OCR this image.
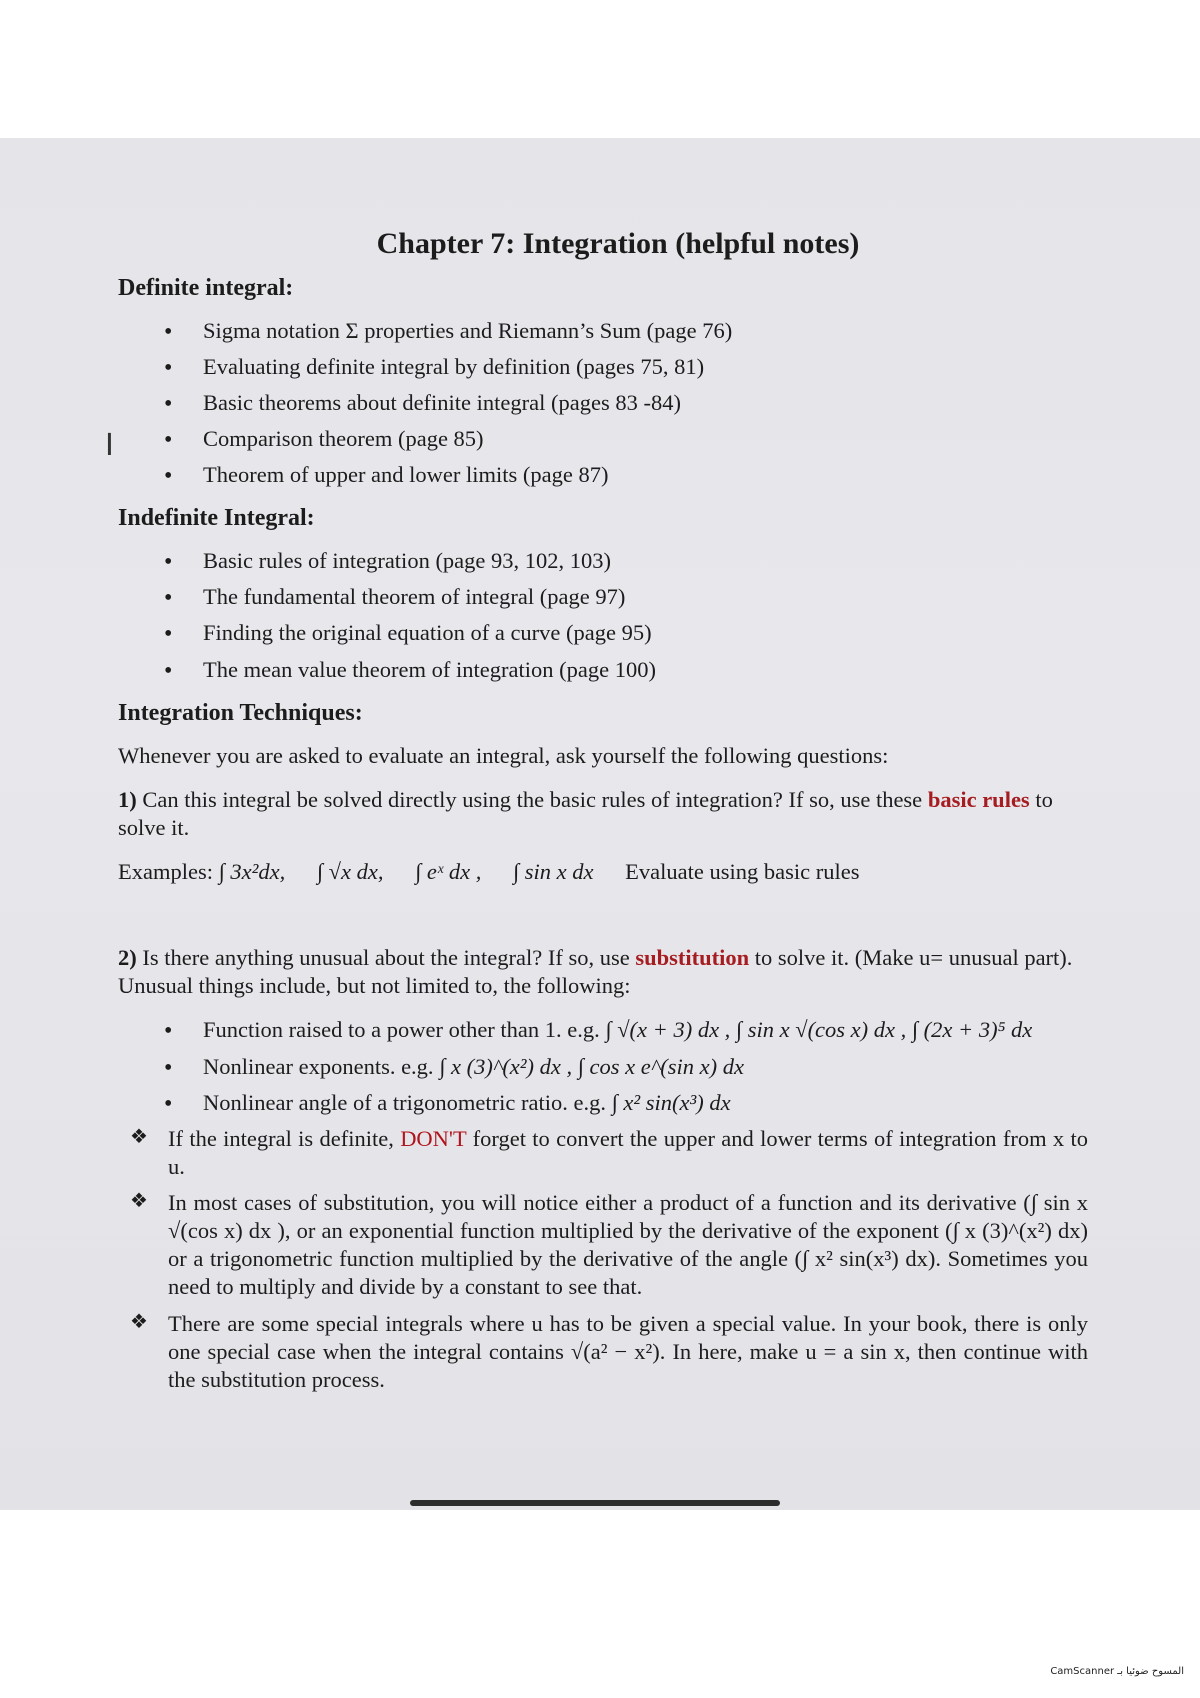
I
Chapter 7: Integration (helpful notes)
Definite integral:
• Sigma notation Σ properties and Riemann’s Sum (page 76)
• Evaluating definite integral by definition (pages 75, 81)
• Basic theorems about definite integral (pages 83 -84)
• Comparison theorem (page 85)
• Theorem of upper and lower limits (page 87)
Indefinite Integral:
• Basic rules of integration (page 93, 102, 103)
• The fundamental theorem of integral (page 97)
• Finding the original equation of a curve (page 95)
• The mean value theorem of integration (page 100)
Integration Techniques:

Whenever you are asked to evaluate an integral, ask yourself the following questions:

1) Can this integral be solved directly using the basic rules of integration? If so, use these basic rules to solve it.

Examples: ∫ 3x²dx, ∫ √x dx, ∫ eˣ dx , ∫ sin x dx Evaluate using basic rules

2) Is there anything unusual about the integral? If so, use substitution to solve it. (Make u= unusual part). Unusual things include, but not limited to, the following:

• Function raised to a power other than 1. e.g. ∫ √(x + 3) dx , ∫ sin x √(cos x) dx , ∫ (2x + 3)⁵ dx
• Nonlinear exponents. e.g. ∫ x (3)^(x²) dx , ∫ cos x e^(sin x) dx
• Nonlinear angle of a trigonometric ratio. e.g. ∫ x² sin(x³) dx
❖ If the integral is definite, DON'T forget to convert the upper and lower terms of integration from x to u.
❖ In most cases of substitution, you will notice either a product of a function and its derivative (∫ sin x √(cos x) dx ), or an exponential function multiplied by the derivative of the exponent (∫ x (3)^(x²) dx) or a trigonometric function multiplied by the derivative of the angle (∫ x² sin(x³) dx). Sometimes you need to multiply and divide by a constant to see that.
❖ There are some special integrals where u has to be given a special value. In your book, there is only one special case when the integral contains √(a² − x²). In here, make u = a sin x, then continue with the substitution process.
CamScanner المسوح ضوئيا بـ
